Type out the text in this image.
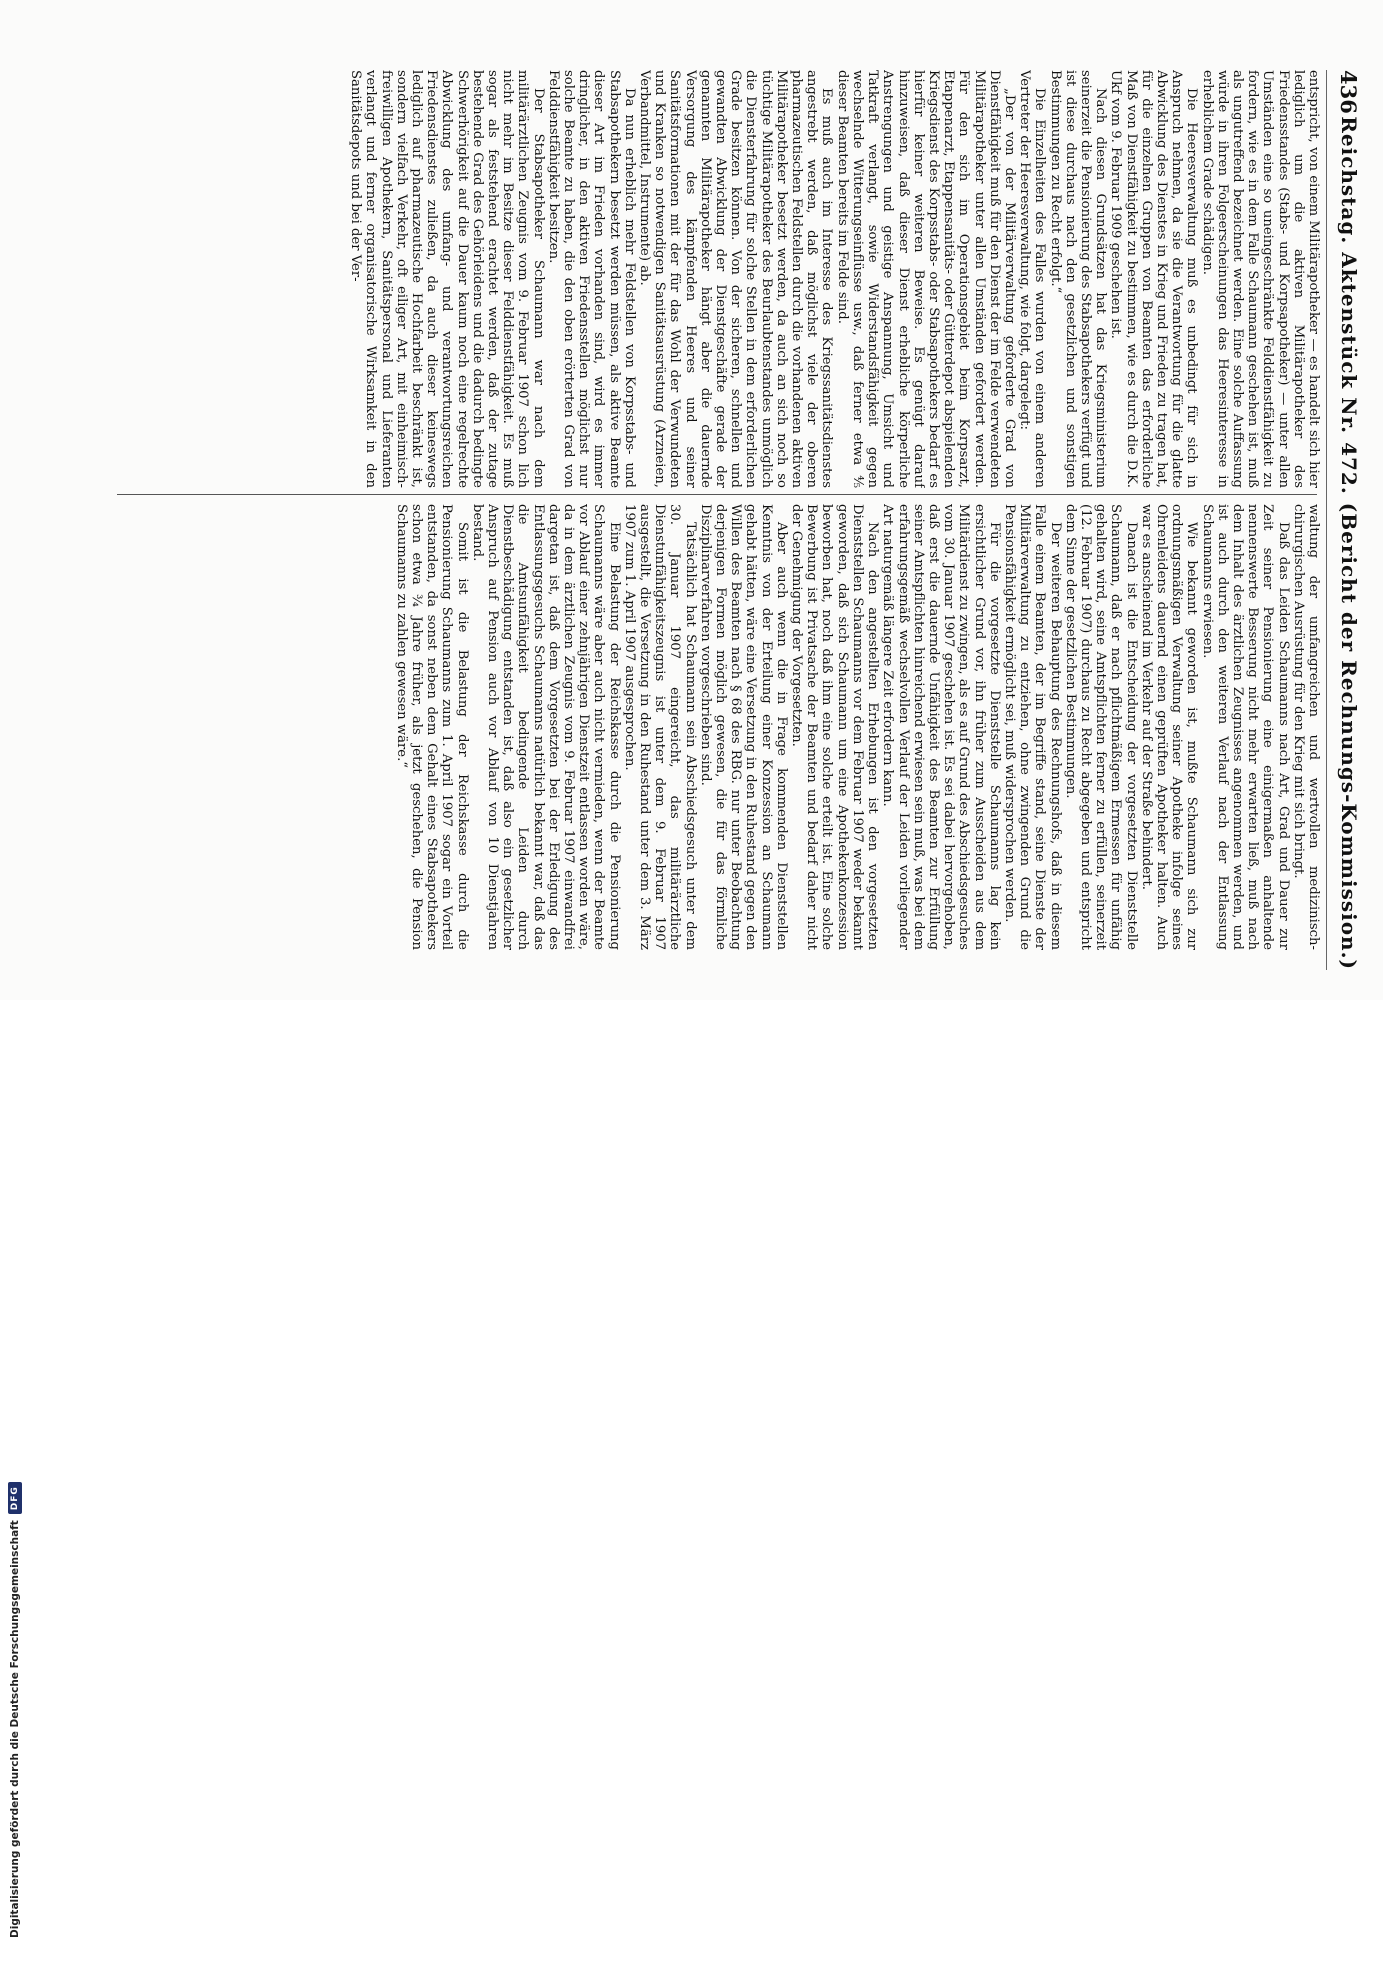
436
Reichstag. Aktenstück Nr. 472. (Bericht der Rechnungs-Kommission.)

entspricht, von einem Militärapotheker — es handelt sich hier lediglich um die aktiven Militärapotheker des Friedensstandes (Stabs- und Korpsapotheker) — unter allen Umständen eine so uneingeschränkte Felddienstfähigkeit zu fordern, wie es in dem Falle Schaumann geschehen ist, muß als ungutreffend bezeichnet werden. Eine solche Auffassung würde in ihren Folgeerscheinungen das Heeresinteresse in erheblichem Grade schädigen.

Die Heeresverwaltung muß es unbedingt für sich in Anspruch nehmen, da sie die Verantwortung für die glatte Abwicklung des Dienstes in Krieg und Frieden zu tragen hat, für die einzelnen Gruppen von Beamten das erforderliche Maß von Dienstfähigkeit zu bestimmen, wie es durch die D.K. Ukf vom 9. Februar 1909 geschehen ist.

Nach diesen Grundsätzen hat das Kriegsministerium seinerzeit die Pensionierung des Stabsapothekers verfügt und ist diese durchaus nach den gesetzlichen und sonstigen Bestimmungen zu Recht erfolgt.“

Die Einzelheiten des Falles wurden von einem anderen Vertreter der Heeresverwaltung, wie folgt, dargelegt:

„Der von der Militärverwaltung geforderte Grad von Dienstfähigkeit muß für den Dienst der im Felde verwendeten Militärapotheker unter allen Umständen gefordert werden. Für den sich im Operationsgebiet beim Korpsarzt, Etappenarzt, Etappensanitäts- oder Gütterdepot abspielenden Kriegsdienst des Korpsstabs- oder Stabsapothekers bedarf es hierfür keiner weiteren Beweise. Es genügt darauf hinzuweisen, daß dieser Dienst erhebliche körperliche Anstrengungen und geistige Anspannung, Umsicht und Tatkraft verlangt, sowie Widerstandsfähigkeit gegen wechselnde Witterungseinflüsse usw., daß ferner etwa ⅘ dieser Beamten bereits im Felde sind.

Es muß auch im Interesse des Kriegssanitätsdienstes angestrebt werden, daß möglichst viele der oberen pharmazeutischen Feldstellen durch die vorhandenen aktiven Militärapotheker besetzt werden, da auch an sich noch so tüchtige Militärapotheker des Beurlaubtenstandes unmöglich die Diensterfahrung für solche Stellen in dem erforderlichen Grade besitzen können. Von der sicheren, schnellen und gewandten Abwicklung der Dienstgeschäfte gerade der genannten Militärapotheker hängt aber die dauernde Versorgung des kämpfenden Heeres und seiner Sanitätsformationen mit der für das Wohl der Verwundeten und Kranken so notwendigen Sanitätsausrüstung (Arzneien, Verbandmittel, Instrumente) ab.

Da nun erheblich mehr Feldstellen von Korpsstabs- und Stabsapothekern besetzt werden müssen, als aktive Beamte dieser Art im Frieden vorhanden sind, wird es immer dringlicher, in den aktiven Friedensstellen möglichst nur solche Beamte zu haben, die den oben erörterten Grad von Felddienstfähigkeit besitzen.

Der Stabsapotheker Schaumann war nach dem militärärztlichen Zeugnis vom 9. Februar 1907 schon lich nicht mehr im Besitze dieser Felddienstfähigkeit. Es muß sogar als feststehend erachtet werden, daß der zutage bestehende Grad des Gehörleidens und die dadurch bedingte Schwerhörigkeit auf die Dauer kaum noch eine regelrechte Abwicklung des umfang- und verantwortungsreichen Friedensdienstes zuließen, da auch dieser keineswegs lediglich auf pharmazeutische Hochfarbeit beschränkt ist, sondern vielfach Verkehr, oft eiliger Art, mit einheimisch-freiwilligen Apothekern, Sanitätspersonal und Lieferanten verlangt und ferner organisatorische Wirksamkeit in den Sanitätsdepots und bei der Ver-

waltung der umfangreichen und wertvollen medizinisch-chirurgischen Ausrüstung für den Krieg mit sich bringt.

Daß das Leiden Schaumanns nach Art, Grad und Dauer zur Zeit seiner Pensionierung eine einigermaßen anhaltende nennenswerte Besserung nicht mehr erwarten ließ, muß nach dem Inhalt des ärztlichen Zeugnisses angenommen werden, und ist auch durch den weiteren Verlauf nach der Entlassung Schaumanns erwiesen.

Wie bekannt geworden ist, mußte Schaumann sich zur ordnungsmäßigen Verwaltung seiner Apotheke infolge seines Ohrenleidens dauernd einen geprüften Apotheker halten. Auch war es anscheinend im Verkehr auf der Straße behindert.

Danach ist die Entscheidung der vorgesetzten Dienststelle Schaumann, daß er nach pflichtmäßigem Ermessen für unfähig gehalten wird, seine Amtspflichten ferner zu erfüllen, seinerzeit (12. Februar 1907) durchaus zu Recht abgegeben und entspricht dem Sinne der gesetzlichen Bestimmungen.

Der weiteren Behauptung des Rechnungshofs, daß in diesem Falle einem Beamten, der im Begriffe stand, seine Dienste der Militärverwaltung zu entziehen, ohne zwingenden Grund die Pensionsfähigkeit ermöglicht sei, muß widersprochen werden.

Für die vorgesetzte Dienststelle Schaumanns lag kein ersichtlicher Grund vor, ihn früher zum Ausscheiden aus dem Militärdienst zu zwingen, als es auf Grund des Abschiedsgesuches vom 30. Januar 1907 geschehen ist. Es sei dabei hervorgehoben, daß erst die dauernde Unfähigkeit des Beamten zur Erfüllung seiner Amtspflichten hinreichend erwiesen sein muß, was bei dem erfahrungsgemäß wechselvollen Verlauf der Leiden vorliegender Art naturgemäß längere Zeit erfordern kann.

Nach den angestellten Erhebungen ist den vorgesetzten Dienststellen Schaumanns vor dem Februar 1907 weder bekannt geworden, daß sich Schaumann um eine Apothekenkonzession beworben hat, noch daß ihm eine solche erteilt ist. Eine solche Bewerbung ist Privatsache der Beamten und bedarf daher nicht der Genehmigung der Vorgesetzten.

Aber auch wenn die in Frage kommenden Dienststellen Kenntnis von der Erteilung einer Konzession an Schaumann gehabt hätten, wäre eine Versetzung in den Ruhestand gegen den Willen des Beamten nach § 68 des RBG. nur unter Beobachtung derjenigen Formen möglich gewesen, die für das förmliche Disziplinarverfahren vorgeschrieben sind.

Tatsächlich hat Schaumann sein Abschiedsgesuch unter dem 30. Januar 1907 eingereicht, das militärärztliche Dienstunfähigkeitszeugnis ist unter dem 9. Februar 1907 ausgestellt, die Versetzung in den Ruhestand unter dem 3. März 1907 zum 1. April 1907 ausgesprochen.

Eine Belastung der Reichskasse durch die Pensionierung Schaumanns wäre aber auch nicht vermieden, wenn der Beamte vor Ablauf einer zehnjährigen Dienstzeit entlassen worden wäre, da in dem ärztlichen Zeugnis vom 9. Februar 1907 einwandfrei dargetan ist, daß dem Vorgesetzten bei der Erledigung des Entlassungsgesuchs Schaumanns natürlich bekannt war, daß das die Amtsunfähigkeit bedingende Leiden durch Dienstbeschädigung entstanden ist, daß also ein gesetzlicher Anspruch auf Pension auch vor Ablauf von 10 Dienstjahren bestand.

Somit ist die Belastung der Reichskasse durch die Pensionierung Schaumanns zum 1. April 1907 sogar ein Vorteil entstanden, da sonst neben dem Gehalt eines Stabsapothekers schon etwa ¾ Jahre früher, als jetzt geschehen, die Pension Schaumanns zu zahlen gewesen wäre.“

Digitalisierung gefördert durch die Deutsche Forschungsgemeinschaft
DFG
